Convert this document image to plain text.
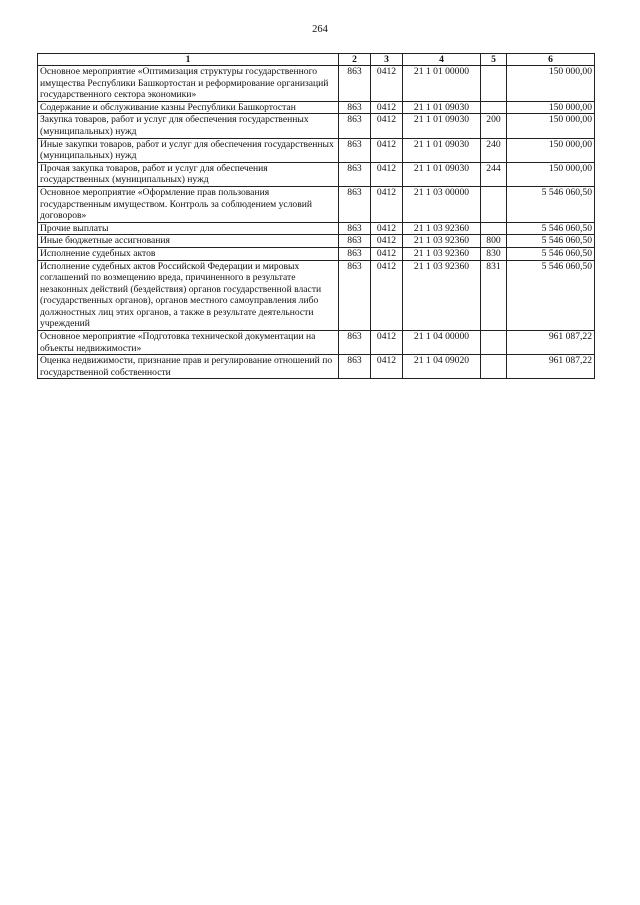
264
1	2	3	4	5	6
Основное мероприятие «Оптимизация структуры государственного имущества Республики Башкортостан и реформирование организаций государственного сектора экономики»	863	0412	21 1 01 00000		150 000,00
Содержание и обслуживание казны Республики Башкортостан	863	0412	21 1 01 09030		150 000,00
Закупка товаров, работ и услуг для обеспечения государственных (муниципальных) нужд	863	0412	21 1 01 09030	200	150 000,00
Иные закупки товаров, работ и услуг для обеспечения государственных (муниципальных) нужд	863	0412	21 1 01 09030	240	150 000,00
Прочая закупка товаров, работ и услуг для обеспечения государственных (муниципальных) нужд	863	0412	21 1 01 09030	244	150 000,00
Основное мероприятие «Оформление прав пользования государственным имуществом. Контроль за соблюдением условий договоров»	863	0412	21 1 03 00000		5 546 060,50
Прочие выплаты	863	0412	21 1 03 92360		5 546 060,50
Иные бюджетные ассигнования	863	0412	21 1 03 92360	800	5 546 060,50
Исполнение судебных актов	863	0412	21 1 03 92360	830	5 546 060,50
Исполнение судебных актов Российской Федерации и мировых соглашений по возмещению вреда, причиненного в результате незаконных действий (бездействия) органов государственной власти (государственных органов), органов местного самоуправления либо должностных лиц этих органов, а также в результате деятельности учреждений	863	0412	21 1 03 92360	831	5 546 060,50
Основное мероприятие «Подготовка технической документации на объекты недвижимости»	863	0412	21 1 04 00000		961 087,22
Оценка недвижимости, признание прав и регулирование отношений по государственной собственности	863	0412	21 1 04 09020		961 087,22
